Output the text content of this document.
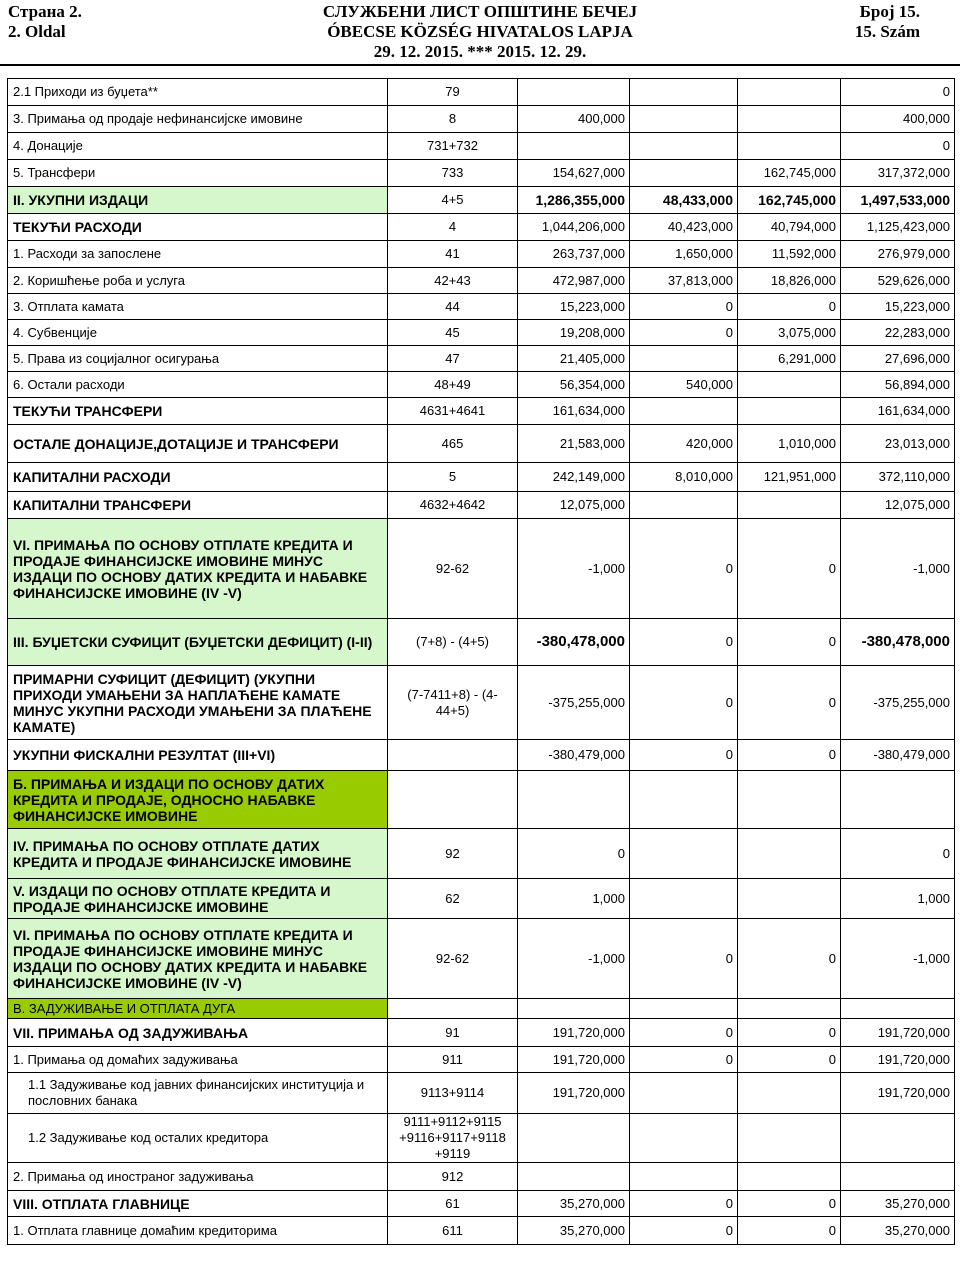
Страна 2.
2. Oldal
СЛУЖБЕНИ ЛИСТ ОПШТИНЕ БЕЧЕЈ
ÓBECSE KÖZSÉG HIVATALOS LAPJA
29. 12. 2015. *** 2015. 12. 29.
Број 15.
15. Szám
2.1 Приходи из буџета**	79				0
3. Примања од продаје нефинансијске имовине	8	400,000			400,000
4. Донације	731+732				0
5. Трансфери	733	154,627,000		162,745,000	317,372,000
II. УКУПНИ ИЗДАЦИ	4+5	1,286,355,000	48,433,000	162,745,000	1,497,533,000
ТЕКУЋИ РАСХОДИ	4	1,044,206,000	40,423,000	40,794,000	1,125,423,000
1. Расходи за запослене	41	263,737,000	1,650,000	11,592,000	276,979,000
2. Коришћење роба и услуга	42+43	472,987,000	37,813,000	18,826,000	529,626,000
3. Отплата камата	44	15,223,000	0	0	15,223,000
4. Субвенције	45	19,208,000	0	3,075,000	22,283,000
5. Права из социјалног осигурања	47	21,405,000		6,291,000	27,696,000
6. Остали расходи	48+49	56,354,000	540,000		56,894,000
ТЕКУЋИ ТРАНСФЕРИ	4631+4641	161,634,000			161,634,000
ОСТАЛЕ ДОНАЦИЈЕ,ДОТАЦИЈЕ И ТРАНСФЕРИ	465	21,583,000	420,000	1,010,000	23,013,000
КАПИТАЛНИ РАСХОДИ	5	242,149,000	8,010,000	121,951,000	372,110,000
КАПИТАЛНИ ТРАНСФЕРИ	4632+4642	12,075,000			12,075,000
VI. ПРИМАЊА ПО ОСНОВУ ОТПЛАТЕ КРЕДИТА И ПРОДАЈЕ ФИНАНСИЈСКЕ ИМОВИНЕ МИНУС ИЗДАЦИ ПО ОСНОВУ ДАТИХ КРЕДИТА И НАБАВКЕ ФИНАНСИЈСКЕ ИМОВИНЕ (IV -V)	92-62	-1,000	0	0	-1,000
III. БУЏЕТСКИ СУФИЦИТ (БУЏЕТСКИ ДЕФИЦИТ) (I-II)	(7+8) - (4+5)	-380,478,000	0	0	-380,478,000
ПРИМАРНИ СУФИЦИТ (ДЕФИЦИТ) (УКУПНИ ПРИХОДИ УМАЊЕНИ ЗА НАПЛАЋЕНЕ КАМАТЕ МИНУС УКУПНИ РАСХОДИ УМАЊЕНИ ЗА ПЛАЋЕНЕ КАМАТЕ)	(7-7411+8) - (4-44+5)	-375,255,000	0	0	-375,255,000
УКУПНИ ФИСКАЛНИ РЕЗУЛТАТ (III+VI)		-380,479,000	0	0	-380,479,000
Б. ПРИМАЊА И ИЗДАЦИ ПО ОСНОВУ ДАТИХ КРЕДИТА И ПРОДАЈЕ, ОДНОСНО НАБАВКЕ ФИНАНСИЈСКЕ ИМОВИНЕ					
IV. ПРИМАЊА ПО ОСНОВУ ОТПЛАТЕ ДАТИХ КРЕДИТА И ПРОДАЈЕ ФИНАНСИЈСКЕ ИМОВИНЕ	92	0			0
V. ИЗДАЦИ ПО ОСНОВУ ОТПЛАТЕ КРЕДИТА И ПРОДАЈЕ ФИНАНСИЈСКЕ ИМОВИНЕ	62	1,000			1,000
VI. ПРИМАЊА ПО ОСНОВУ ОТПЛАТЕ КРЕДИТА И ПРОДАЈЕ ФИНАНСИЈСКЕ ИМОВИНЕ МИНУС ИЗДАЦИ ПО ОСНОВУ ДАТИХ КРЕДИТА И НАБАВКЕ ФИНАНСИЈСКЕ ИМОВИНЕ (IV -V)	92-62	-1,000	0	0	-1,000
В. ЗАДУЖИВАЊЕ И ОТПЛАТА ДУГА					
VII. ПРИМАЊА ОД ЗАДУЖИВАЊА	91	191,720,000	0	0	191,720,000
1. Примања од домаћих задуживања	911	191,720,000	0	0	191,720,000
1.1 Задуживање код јавних финансијских институција и пословних банака	9113+9114	191,720,000			191,720,000
1.2 Задуживање код осталих кредитора	9111+9112+9115 +9116+9117+9118 +9119				
2. Примања од иностраног задуживања	912				
VIII. ОТПЛАТА ГЛАВНИЦЕ	61	35,270,000	0	0	35,270,000
1. Отплата главнице домаћим кредиторима	611	35,270,000	0	0	35,270,000
